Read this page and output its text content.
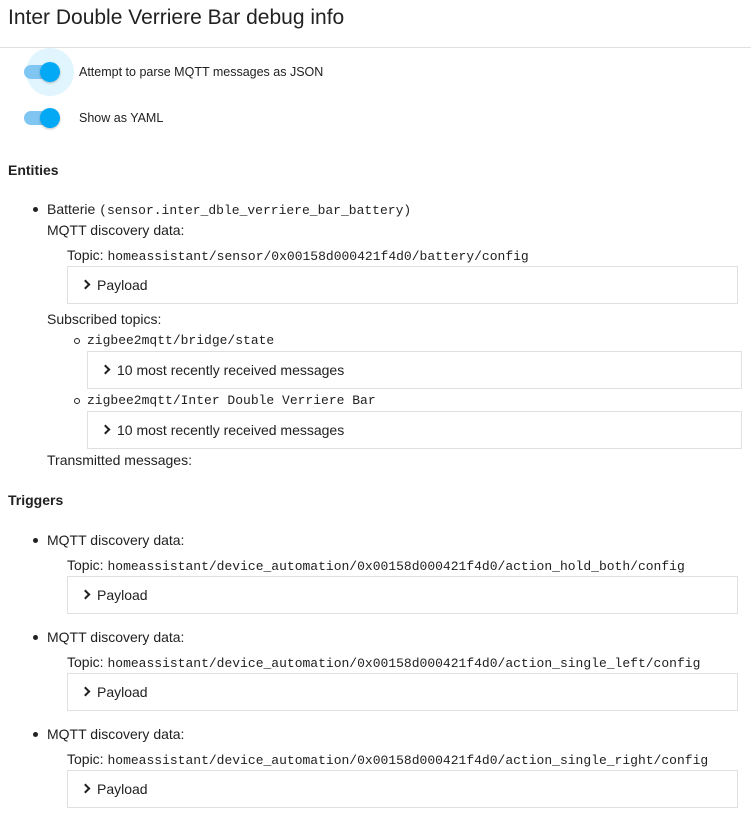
Inter Double Verriere Bar debug info
Attempt to parse MQTT messages as JSON
Show as YAML
Entities
Batterie (sensor.inter_dble_verriere_bar_battery)
MQTT discovery data:
Topic: homeassistant/sensor/0x00158d000421f4d0/battery/config
Payload
Subscribed topics:
zigbee2mqtt/bridge/state
10 most recently received messages
zigbee2mqtt/Inter Double Verriere Bar
10 most recently received messages
Transmitted messages:
Triggers
MQTT discovery data:
Topic: homeassistant/device_automation/0x00158d000421f4d0/action_hold_both/config
Payload
MQTT discovery data:
Topic: homeassistant/device_automation/0x00158d000421f4d0/action_single_left/config
Payload
MQTT discovery data:
Topic: homeassistant/device_automation/0x00158d000421f4d0/action_single_right/config
Payload
